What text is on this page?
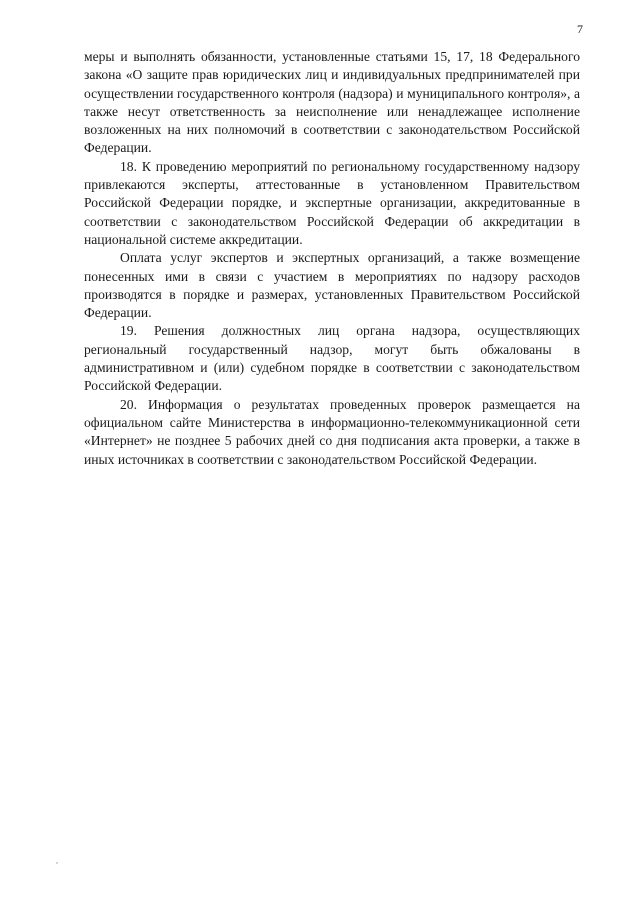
7

меры и выполнять обязанности, установленные статьями 15, 17, 18 Федерального закона «О защите прав юридических лиц и индивидуальных предпринимателей при осуществлении государственного контроля (надзора) и муниципального контроля», а также несут ответственность за неисполнение или ненадлежащее исполнение возложенных на них полномочий в соответствии с законодательством Российской Федерации.

18. К проведению мероприятий по региональному государственному надзору привлекаются эксперты, аттестованные в установленном Правительством Российской Федерации порядке, и экспертные организации, аккредитованные в соответствии с законодательством Российской Федерации об аккредитации в национальной системе аккредитации.

Оплата услуг экспертов и экспертных организаций, а также возмещение понесенных ими в связи с участием в мероприятиях по надзору расходов производятся в порядке и размерах, установленных Правительством Российской Федерации.

19. Решения должностных лиц органа надзора, осуществляющих региональный государственный надзор, могут быть обжалованы в административном и (или) судебном порядке в соответствии с законодательством Российской Федерации.

20. Информация о результатах проведенных проверок размещается на официальном сайте Министерства в информационно-телекоммуникационной сети «Интернет» не позднее 5 рабочих дней со дня подписания акта проверки, а также в иных источниках в соответствии с законодательством Российской Федерации.
